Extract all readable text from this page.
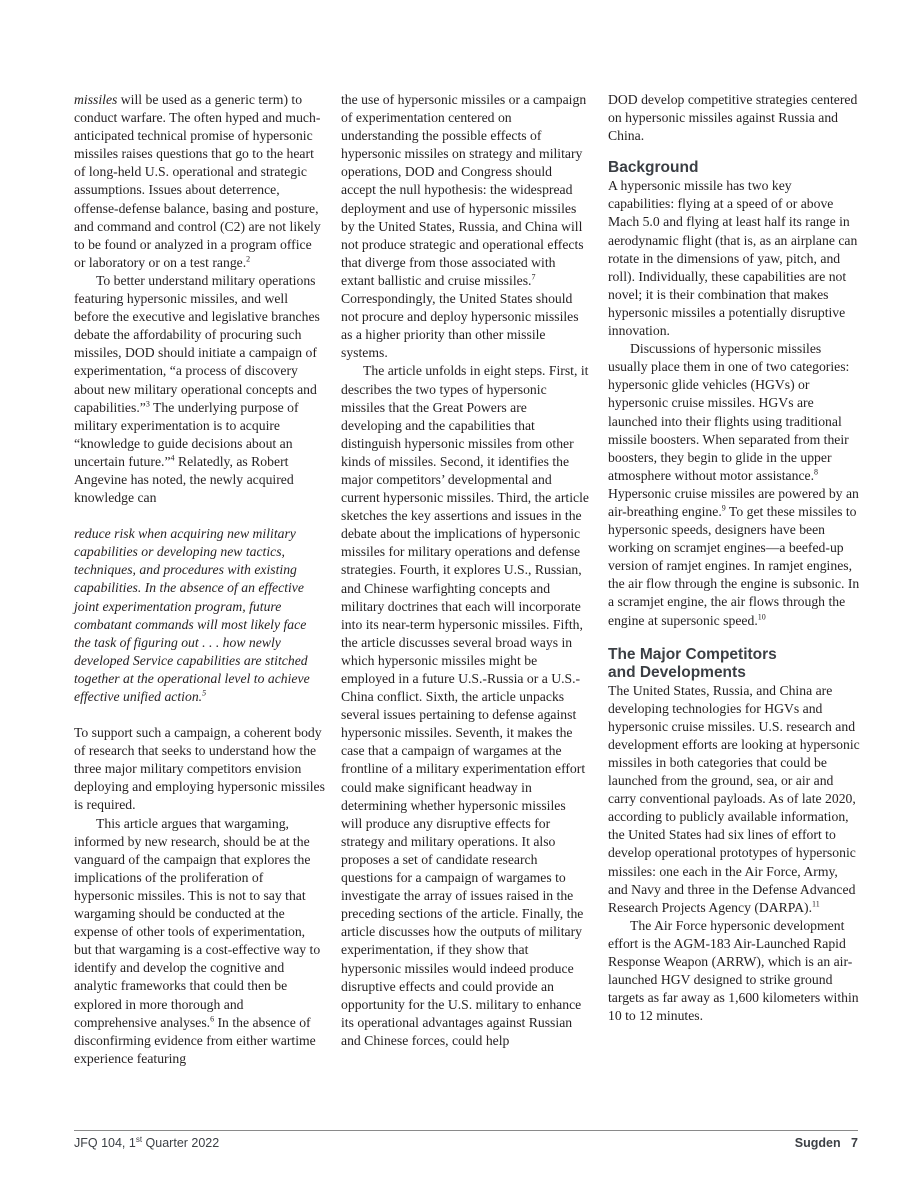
missiles will be used as a generic term) to conduct warfare. The often hyped and much-anticipated technical promise of hypersonic missiles raises questions that go to the heart of long-held U.S. operational and strategic assumptions. Issues about deterrence, offense-defense balance, basing and posture, and command and control (C2) are not likely to be found or analyzed in a program office or laboratory or on a test range.$^2$

To better understand military operations featuring hypersonic missiles, and well before the executive and legislative branches debate the affordability of procuring such missiles, DOD should initiate a campaign of experimentation, “a process of discovery about new military operational concepts and capabilities.”$^3$ The underlying purpose of military experimentation is to acquire “knowledge to guide decisions about an uncertain future.”$^4$ Relatedly, as Robert Angevine has noted, the newly acquired knowledge can

reduce risk when acquiring new military capabilities or developing new tactics, techniques, and procedures with existing capabilities. In the absence of an effective joint experimentation program, future combatant commands will most likely face the task of figuring out . . . how newly developed Service capabilities are stitched together at the operational level to achieve effective unified action.$^5$

To support such a campaign, a coherent body of research that seeks to understand how the three major military competitors envision deploying and employing hypersonic missiles is required.

This article argues that wargaming, informed by new research, should be at the vanguard of the campaign that explores the implications of the proliferation of hypersonic missiles. This is not to say that wargaming should be conducted at the expense of other tools of experimentation, but that wargaming is a cost-effective way to identify and develop the cognitive and analytic frameworks that could then be explored in more thorough and comprehensive analyses.$^6$ In the absence of disconfirming evidence from either wartime experience featuring

the use of hypersonic missiles or a campaign of experimentation centered on understanding the possible effects of hypersonic missiles on strategy and military operations, DOD and Congress should accept the null hypothesis: the widespread deployment and use of hypersonic missiles by the United States, Russia, and China will not produce strategic and operational effects that diverge from those associated with extant ballistic and cruise missiles.$^7$ Correspondingly, the United States should not procure and deploy hypersonic missiles as a higher priority than other missile systems.

The article unfolds in eight steps. First, it describes the two types of hypersonic missiles that the Great Powers are developing and the capabilities that distinguish hypersonic missiles from other kinds of missiles. Second, it identifies the major competitors’ developmental and current hypersonic missiles. Third, the article sketches the key assertions and issues in the debate about the implications of hypersonic missiles for military operations and defense strategies. Fourth, it explores U.S., Russian, and Chinese warfighting concepts and military doctrines that each will incorporate into its near-term hypersonic missiles. Fifth, the article discusses several broad ways in which hypersonic missiles might be employed in a future U.S.-Russia or a U.S.-China conflict. Sixth, the article unpacks several issues pertaining to defense against hypersonic missiles. Seventh, it makes the case that a campaign of wargames at the frontline of a military experimentation effort could make significant headway in determining whether hypersonic missiles will produce any disruptive effects for strategy and military operations. It also proposes a set of candidate research questions for a campaign of wargames to investigate the array of issues raised in the preceding sections of the article. Finally, the article discusses how the outputs of military experimentation, if they show that hypersonic missiles would indeed produce disruptive effects and could provide an opportunity for the U.S. military to enhance its operational advantages against Russian and Chinese forces, could help

DOD develop competitive strategies centered on hypersonic missiles against Russia and China.

Background

A hypersonic missile has two key capabilities: flying at a speed of or above Mach 5.0 and flying at least half its range in aerodynamic flight (that is, as an airplane can rotate in the dimensions of yaw, pitch, and roll). Individually, these capabilities are not novel; it is their combination that makes hypersonic missiles a potentially disruptive innovation.

Discussions of hypersonic missiles usually place them in one of two categories: hypersonic glide vehicles (HGVs) or hypersonic cruise missiles. HGVs are launched into their flights using traditional missile boosters. When separated from their boosters, they begin to glide in the upper atmosphere without motor assistance.$^8$ Hypersonic cruise missiles are powered by an air-breathing engine.$^9$ To get these missiles to hypersonic speeds, designers have been working on scramjet engines—a beefed-up version of ramjet engines. In ramjet engines, the air flow through the engine is subsonic. In a scramjet engine, the air flows through the engine at supersonic speed.$^{10}$

The Major Competitors
and Developments

The United States, Russia, and China are developing technologies for HGVs and hypersonic cruise missiles. U.S. research and development efforts are looking at hypersonic missiles in both categories that could be launched from the ground, sea, or air and carry conventional payloads. As of late 2020, according to publicly available information, the United States had six lines of effort to develop operational prototypes of hypersonic missiles: one each in the Air Force, Army, and Navy and three in the Defense Advanced Research Projects Agency (DARPA).$^{11}$

The Air Force hypersonic development effort is the AGM-183 Air-Launched Rapid Response Weapon (ARRW), which is an air-launched HGV designed to strike ground targets as far away as 1,600 kilometers within 10 to 12 minutes.

JFQ 104, 1st Quarter 2022	Sugden 7
